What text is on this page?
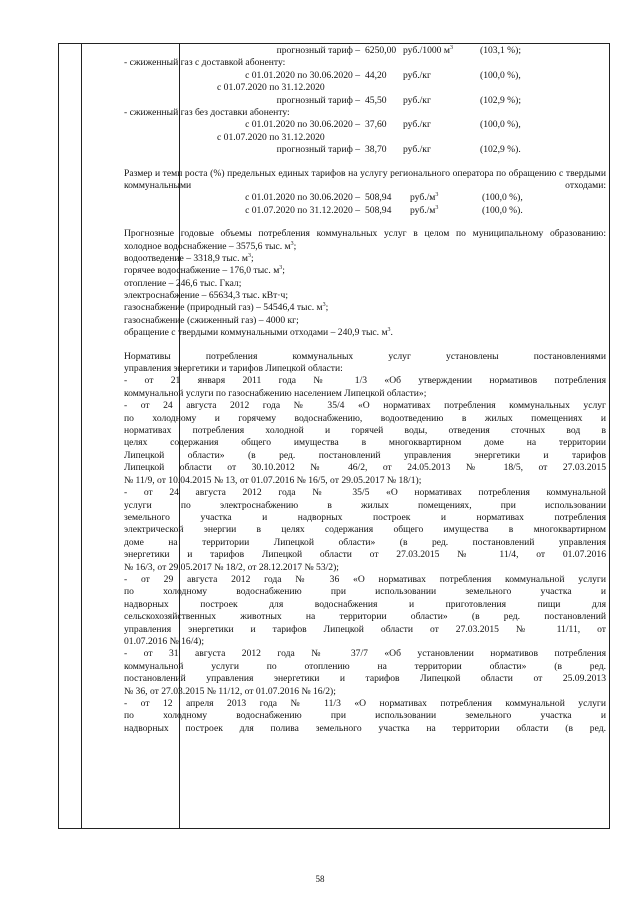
прогнозный тариф – 6250,00 руб./1000 $м^3$	(103,1 %);
- сжиженный газ с доставкой абоненту:
с 01.01.2020 по 30.06.2020 – 44,20 руб./кг	(100,0 %),
с 01.07.2020 по 31.12.2020
прогнозный тариф – 45,50 руб./кг	(102,9 %);
- сжиженный газ без доставки абоненту:
с 01.01.2020 по 30.06.2020 – 37,60 руб./кг	(100,0 %),
с 01.07.2020 по 31.12.2020
прогнозный тариф – 38,70 руб./кг	(102,9 %).
Размер и темп роста (%) предельных единых тарифов на услугу регионального оператора по обращению с твердыми коммунальными отходами:
с 01.01.2020 по 30.06.2020 – 508,94 $руб./м^3$	(100,0 %),
с 01.07.2020 по 31.12.2020 – 508,94 $руб./м^3$	(100,0 %).
Прогнозные годовые объемы потребления коммунальных услуг в целом по муниципальному образованию:
холодное водоснабжение – 3575,6 тыс. $м^3$;
водоотведение – 3318,9 тыс. $м^3$;
горячее водоснабжение – 176,0 тыс. $м^3$;
отопление – 246,6 тыс. Гкал;
электроснабжение – 65634,3 тыс. кВт·ч;
газоснабжение (природный газ) – 54546,4 тыс. $м^3$;
газоснабжение (сжиженный газ) – 4000 кг;
обращение с твердыми коммунальными отходами – 240,9 тыс. $м^3$.
Нормативы потребления коммунальных услуг установлены постановлениями
управления энергетики и тарифов Липецкой области:
- от 21 января 2011 года № 1/3 «Об утверждении нормативов потребления
коммунальной услуги по газоснабжению населением Липецкой области»;
- от 24 августа 2012 года № 35/4 «О нормативах потребления коммунальных услуг
по холодному и горячему водоснабжению, водоотведению в жилых помещениях и
нормативах потребления холодной и горячей воды, отведения сточных вод в
целях содержания общего имущества в многоквартирном доме на территории
Липецкой области» (в ред. постановлений управления энергетики и тарифов
Липецкой области от 30.10.2012 № 46/2, от 24.05.2013 № 18/5, от 27.03.2015
№ 11/9, от 10.04.2015 № 13, от 01.07.2016 № 16/5, от 29.05.2017 № 18/1);
- от 24 августа 2012 года № 35/5 «О нормативах потребления коммунальной
услуги по электроснабжению в жилых помещениях, при использовании
земельного участка и надворных построек и нормативах потребления
электрической энергии в целях содержания общего имущества в многоквартирном
доме на территории Липецкой области» (в ред. постановлений управления
энергетики и тарифов Липецкой области от 27.03.2015 № 11/4, от 01.07.2016
№ 16/3, от 29.05.2017 № 18/2, от 28.12.2017 № 53/2);
- от 29 августа 2012 года № 36 «О нормативах потребления коммунальной услуги
по холодному водоснабжению при использовании земельного участка и
надворных построек для водоснабжения и приготовления пищи для
сельскохозяйственных животных на территории области» (в ред. постановлений
управления энергетики и тарифов Липецкой области от 27.03.2015 № 11/11, от
01.07.2016 № 16/4);
- от 31 августа 2012 года № 37/7 «Об установлении нормативов потребления
коммунальной услуги по отоплению на территории области» (в ред.
постановлений управления энергетики и тарифов Липецкой области от 25.09.2013
№ 36, от 27.03.2015 № 11/12, от 01.07.2016 № 16/2);
- от 12 апреля 2013 года № 11/3 «О нормативах потребления коммунальной услуги
по холодному водоснабжению при использовании земельного участка и
надворных построек для полива земельного участка на территории области (в ред.
58
